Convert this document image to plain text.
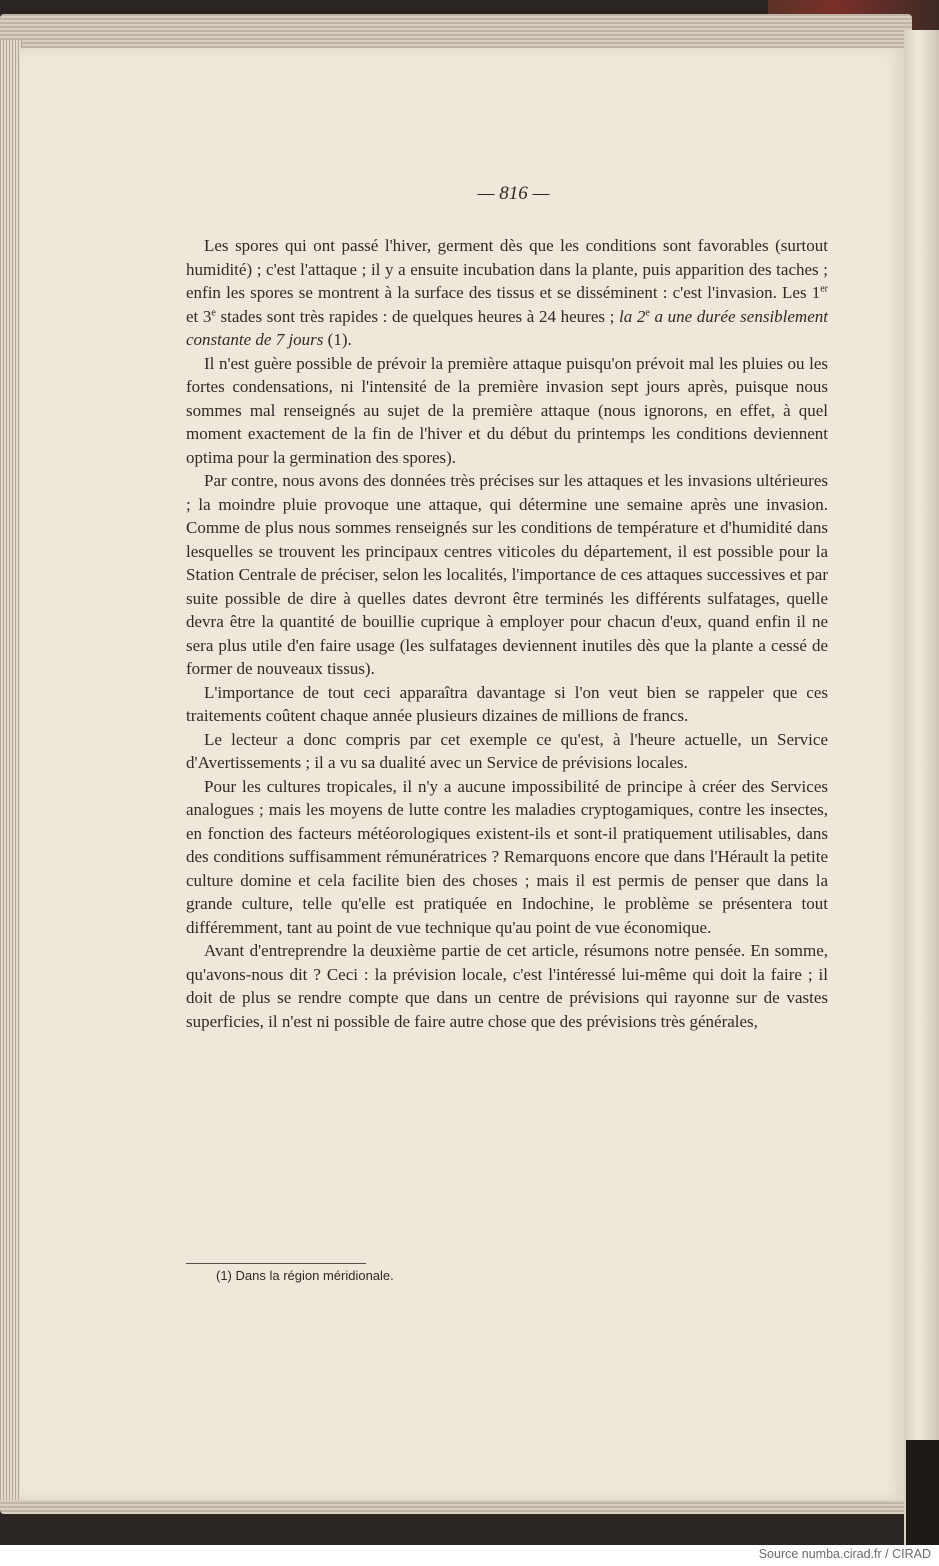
— 816 —

Les spores qui ont passé l'hiver, germent dès que les conditions sont favorables (surtout humidité) ; c'est l'attaque ; il y a ensuite incubation dans la plante, puis apparition des taches ; enfin les spores se montrent à la surface des tissus et se disséminent : c'est l'invasion. Les 1er et 3e stades sont très rapides : de quelques heures à 24 heures ; la 2e a une durée sensiblement constante de 7 jours (1).

Il n'est guère possible de prévoir la première attaque puisqu'on prévoit mal les pluies ou les fortes condensations, ni l'intensité de la première invasion sept jours après, puisque nous sommes mal renseignés au sujet de la première attaque (nous ignorons, en effet, à quel moment exactement de la fin de l'hiver et du début du printemps les conditions deviennent optima pour la germination des spores).

Par contre, nous avons des données très précises sur les attaques et les invasions ultérieures ; la moindre pluie provoque une attaque, qui détermine une semaine après une invasion. Comme de plus nous sommes renseignés sur les conditions de température et d'humidité dans lesquelles se trouvent les principaux centres viticoles du département, il est possible pour la Station Centrale de préciser, selon les localités, l'importance de ces attaques successives et par suite possible de dire à quelles dates devront être terminés les différents sulfatages, quelle devra être la quantité de bouillie cuprique à employer pour chacun d'eux, quand enfin il ne sera plus utile d'en faire usage (les sulfatages deviennent inutiles dès que la plante a cessé de former de nouveaux tissus).

L'importance de tout ceci apparaîtra davantage si l'on veut bien se rappeler que ces traitements coûtent chaque année plusieurs dizaines de millions de francs.

Le lecteur a donc compris par cet exemple ce qu'est, à l'heure actuelle, un Service d'Avertissements ; il a vu sa dualité avec un Service de prévisions locales.

Pour les cultures tropicales, il n'y a aucune impossibilité de principe à créer des Services analogues ; mais les moyens de lutte contre les maladies cryptogamiques, contre les insectes, en fonction des facteurs météorologiques existent-ils et sont-il pratiquement utilisables, dans des conditions suffisamment rémunératrices ? Remarquons encore que dans l'Hérault la petite culture domine et cela facilite bien des choses ; mais il est permis de penser que dans la grande culture, telle qu'elle est pratiquée en Indochine, le problème se présentera tout différemment, tant au point de vue technique qu'au point de vue économique.

Avant d'entreprendre la deuxième partie de cet article, résumons notre pensée. En somme, qu'avons-nous dit ? Ceci : la prévision locale, c'est l'intéressé lui-même qui doit la faire ; il doit de plus se rendre compte que dans un centre de prévisions qui rayonne sur de vastes superficies, il n'est ni possible de faire autre chose que des prévisions très générales,

(1) Dans la région méridionale.
Source numba.cirad.fr / CIRAD
